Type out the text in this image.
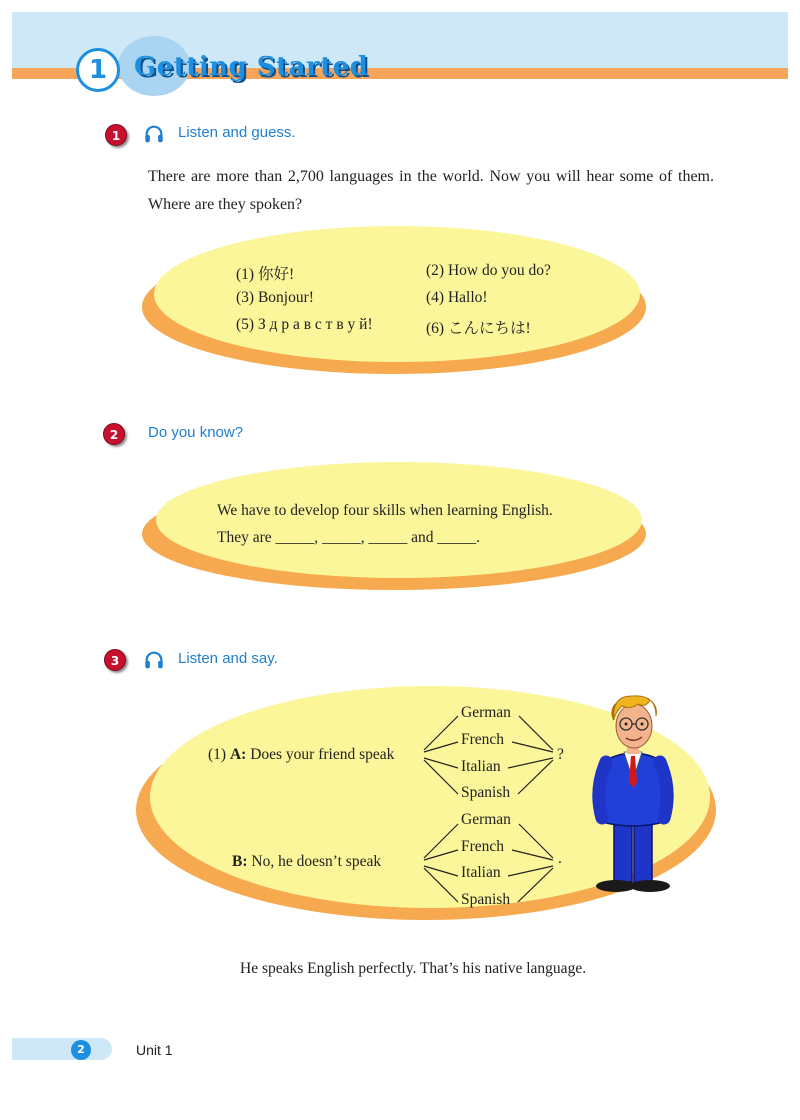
1	Getting Started
1	Listen and guess.
There are more than 2,700 languages in the world. Now you will hear some of them. Where are they spoken?
(1) 你好!	(2) How do you do?
(3) Bonjour!	(4) Hallo!
(5) З д р а в с т в у й!	(6) こんにちは!
2	Do you know?
We have to develop four skills when learning English.
They are _____, _____, _____ and _____.
3	Listen and say.
(1) A: Does your friend speak	?
B: No, he doesn’t speak	.
German
French
Italian
Spanish
German
French
Italian
Spanish
He speaks English perfectly. That’s his native language.
2	Unit 1
